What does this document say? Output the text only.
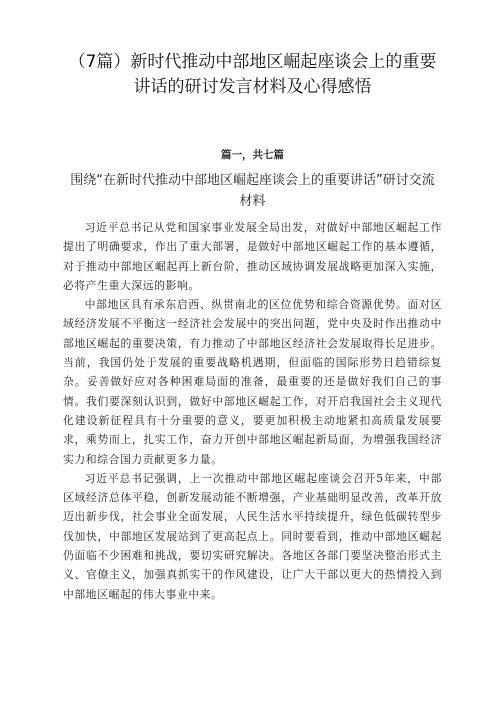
（7篇）新时代推动中部地区崛起座谈会上的重要讲话的研讨发言材料及心得感悟
篇一，共七篇
围绕“在新时代推动中部地区崛起座谈会上的重要讲话”研讨交流材料

习近平总书记从党和国家事业发展全局出发，对做好中部地区崛起工作提出了明确要求，作出了重大部署，是做好中部地区崛起工作的基本遵循，对于推动中部地区崛起再上新台阶，推动区域协调发展战略更加深入实施，必将产生重大深远的影响。

中部地区具有承东启西、纵贯南北的区位优势和综合资源优势。面对区域经济发展不平衡这一经济社会发展中的突出问题，党中央及时作出推动中部地区崛起的重要决策，有力推动了中部地区经济社会发展取得长足进步。当前，我国仍处于发展的重要战略机遇期，但面临的国际形势日趋错综复杂。妥善做好应对各种困难局面的准备，最重要的还是做好我们自己的事情。我们要深刻认识到，做好中部地区崛起工作，对开启我国社会主义现代化建设新征程具有十分重要的意义，要更加积极主动地紧扣高质量发展要求，乘势而上，扎实工作，奋力开创中部地区崛起新局面，为增强我国经济实力和综合国力贡献更多力量。

习近平总书记强调，上一次推动中部地区崛起座谈会召开5年来，中部区域经济总体平稳，创新发展动能不断增强，产业基础明显改善，改革开放迈出新步伐，社会事业全面发展，人民生活水平持续提升，绿色低碳转型步伐加快，中部地区发展站到了更高起点上。同时要看到，推动中部地区崛起仍面临不少困难和挑战，要切实研究解决。各地区各部门要坚决整治形式主义、官僚主义，加强真抓实干的作风建设，让广大干部以更大的热情投入到中部地区崛起的伟大事业中来。
